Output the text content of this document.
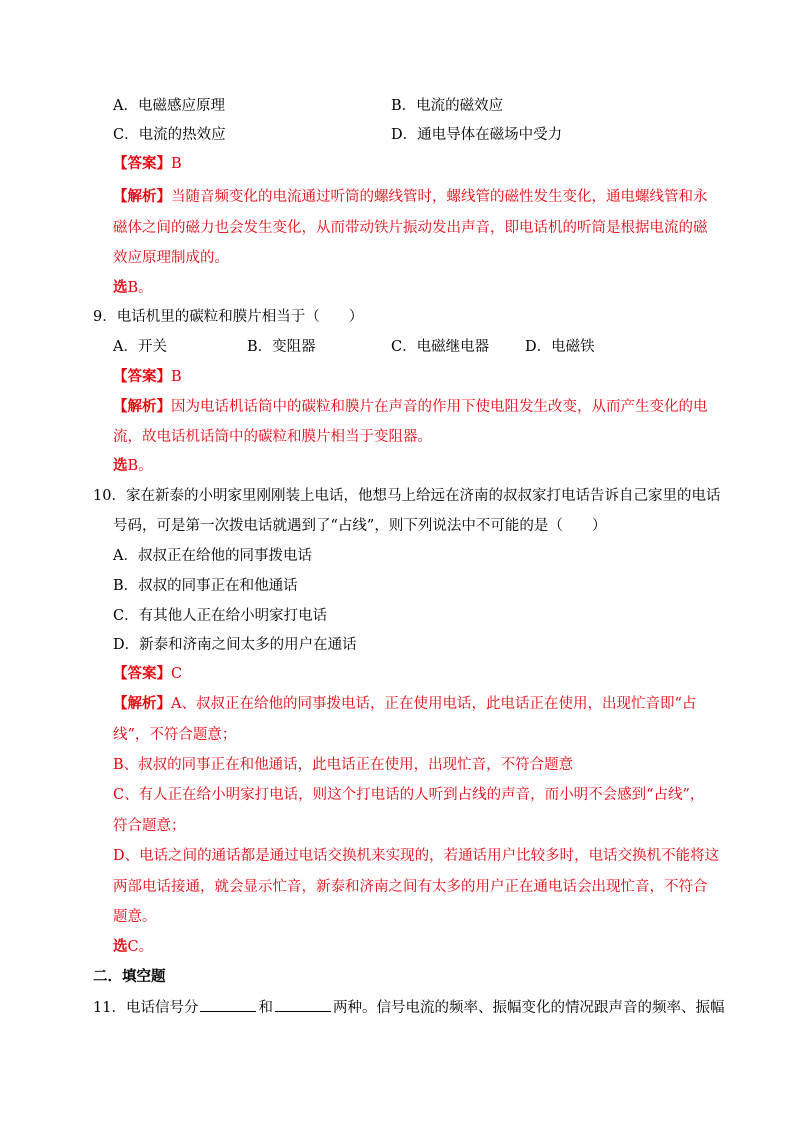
A．电磁感应原理	B．电流的磁效应
C．电流的热效应	D．通电导体在磁场中受力
【答案】B
【解析】当随音频变化的电流通过听筒的螺线管时，螺线管的磁性发生变化，通电螺线管和永
磁体之间的磁力也会发生变化，从而带动铁片振动发出声音，即电话机的听筒是根据电流的磁
效应原理制成的。
选B。
9．电话机里的碳粒和膜片相当于（　　）
A．开关	B．变阻器	C．电磁继电器 D．电磁铁
【答案】B
【解析】因为电话机话筒中的碳粒和膜片在声音的作用下使电阻发生改变，从而产生变化的电
流，故电话机话筒中的碳粒和膜片相当于变阻器。
选B。
10．家在新泰的小明家里刚刚装上电话，他想马上给远在济南的叔叔家打电话告诉自己家里的电话
号码，可是第一次拨电话就遇到了“占线”，则下列说法中不可能的是（　　）
A．叔叔正在给他的同事拨电话
B．叔叔的同事正在和他通话
C．有其他人正在给小明家打电话
D．新泰和济南之间太多的用户在通话
【答案】C
【解析】A、叔叔正在给他的同事拨电话，正在使用电话，此电话正在使用，出现忙音即“占
线”，不符合题意；
B、叔叔的同事正在和他通话，此电话正在使用，出现忙音，不符合题意
C、有人正在给小明家打电话，则这个打电话的人听到占线的声音，而小明不会感到“占线”，
符合题意；
D、电话之间的通话都是通过电话交换机来实现的，若通话用户比较多时，电话交换机不能将这
两部电话接通，就会显示忙音，新泰和济南之间有太多的用户正在通电话会出现忙音，不符合
题意。
选C。
二．填空题
11．电话信号分	和	两种。信号电流的频率、振幅变化的情况跟声音的频率、振幅
